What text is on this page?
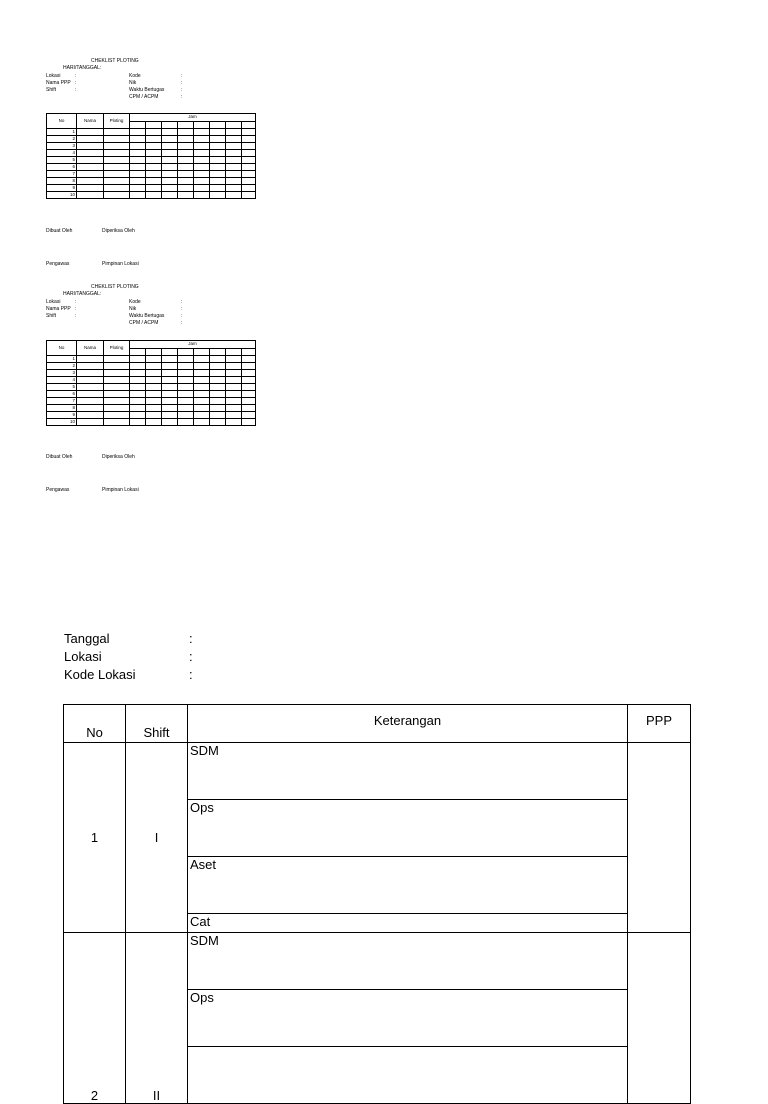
CHEKLIST PLOTING
HARI/TANGGAL:
Lokasi	:
Nama PPP :
Shift	:
Kode	:
Nik	:
Waktu Bertugas	:
CPM / ACPM	:
No	Nama	Ploting	Jam							

1										
2										
3										
4										
5										
6										
7										
8										
9										
10										
Dibuat Oleh	Diperiksa Oleh
Pengawas	Pimpinan Lokasi
CHEKLIST PLOTING
HARI/TANGGAL:
Lokasi	:
Nama PPP :
Shift	:
Kode	:
Nik	:
Waktu Bertugas	:
CPM / ACPM	:
No	Nama	Ploting	Jam							

1										
2										
3										
4										
5										
6										
7										
8										
9										
10										
Dibuat Oleh	Diperiksa Oleh
Pengawas	Pimpinan Lokasi
Tanggal	:
Lokasi	:
Kode Lokasi	:
No	Shift	Keterangan	PPP
1	I	SDM	
		Ops	
		Aset	
		Cat	
2	II	SDM	
		Ops	
